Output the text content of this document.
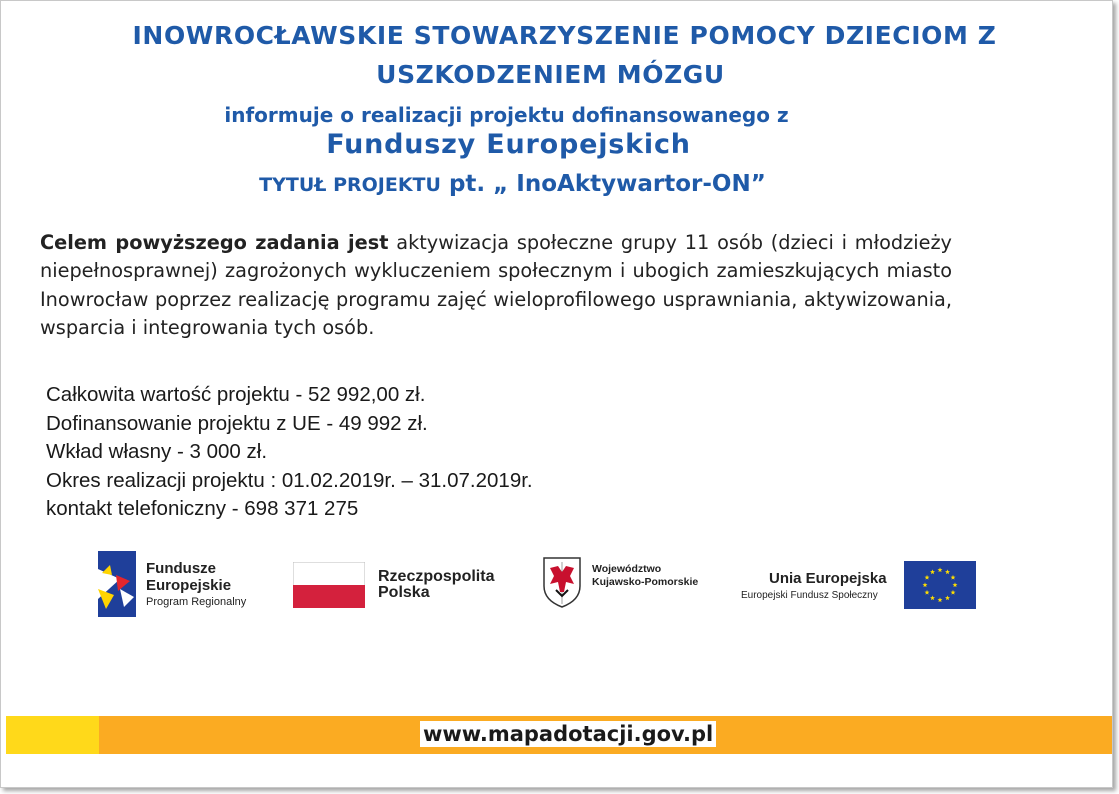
INOWROCŁAWSKIE STOWARZYSZENIE POMOCY DZIECIOM Z
USZKODZENIEM MÓZGU
informuje o realizacji projektu dofinansowanego z
Funduszy Europejskich
TYTUŁ PROJEKTU pt. „ InoAktywartor-ON”

Celem powyższego zadania jest aktywizacja społeczne grupy 11 osób (dzieci i młodzieży niepełnosprawnej) zagrożonych wykluczeniem społecznym i ubogich zamieszkujących miasto Inowrocław poprzez realizację programu zajęć wieloprofilowego usprawniania, aktywizowania, wsparcia i integrowania tych osób.

Całkowita wartość projektu - 52 992,00 zł.
Dofinansowanie projektu z UE - 49 992 zł.
Wkład własny - 3 000 zł.
Okres realizacji projektu : 01.02.2019r. – 31.07.2019r.
kontakt telefoniczny - 698 371 275
Fundusze
Europejskie
Program Regionalny
Rzeczpospolita
Polska
Województwo
Kujawsko-Pomorskie	Unia Europejska
Europejski Fundusz Społeczny
www.mapadotacji.gov.pl
